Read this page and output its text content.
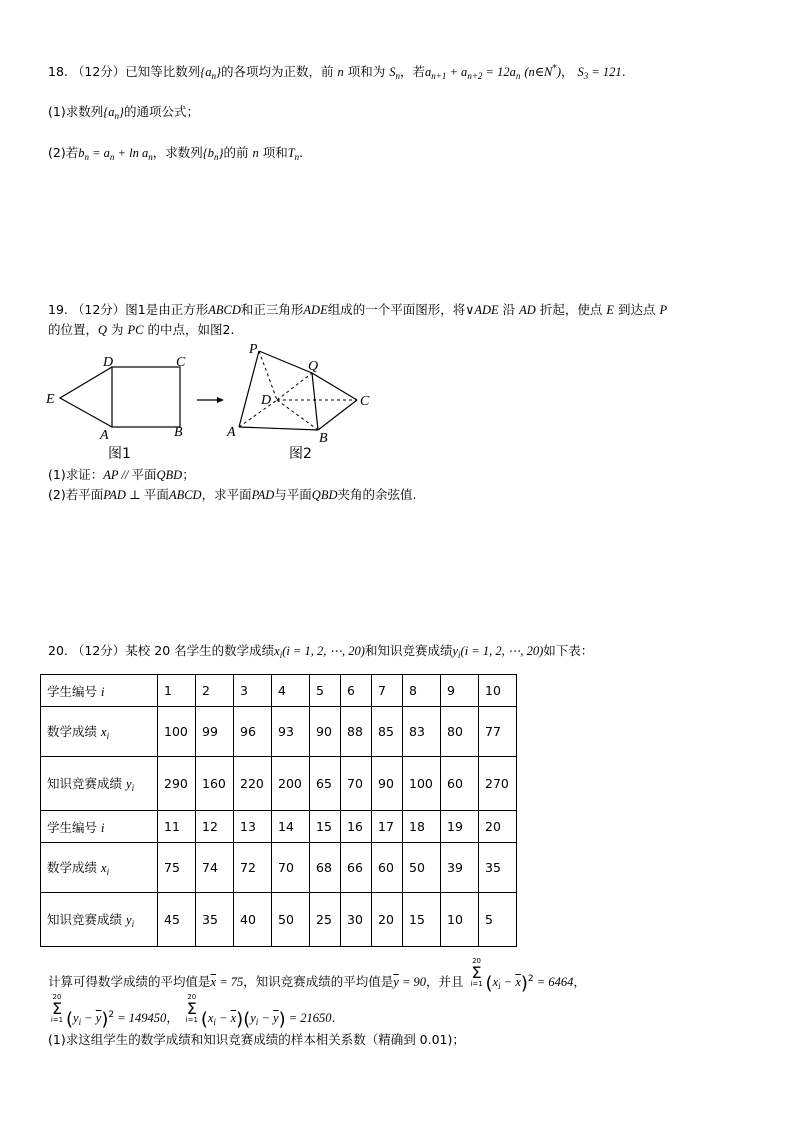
18. （12分）已知等比数列$\{a_n\}$的各项均为正数，前 n 项和为 $S_n$，若$a_{n+1} + a_{n+2} = 12a_n$ (n∈N*)， $S_3 = 121$.
(1)求数列$\{a_n\}$的通项公式；
(2)若$b_n = a_n + \ln a_n$，求数列$\{b_n\}$的前 n 项和$T_n$.
19. （12分）图1是由正方形ABCD和正三角形ADE组成的一个平面图形，将∨ADE 沿 AD 折起，使点 E 到达点 P
的位置，Q 为 PC 的中点，如图2.
D	C
E
A	B
图1
P
Q
D	C
A	B
图2
(1)求证：AP // 平面QBD；
(2)若平面PAD ⊥ 平面ABCD，求平面PAD与平面QBD夹角的余弦值.
20. （12分）某校 20 名学生的数学成绩$x_i(i = 1$, 2, ⋯, 20)和知识竞赛成绩$y_i(i = 1$, 2, ⋯, 20)如下表：
学生编号 i	1	2	3	4	5	6	7	8	9	10
数学成绩 $x_i$	100	99	96	93	90	88	85	83	80	77
知识竞赛成绩 $y_i$	290	160	220	200	65	70	90	100	60	270
学生编号 i	11	12	13	14	15	16	17	18	19	20
数学成绩 $x_i$	75	74	72	70	68	66	60	50	39	35
知识竞赛成绩 $y_i$	45	35	40	50	25	30	20	15	10	5
计算可得数学成绩的平均值是$\overline{x} = 75$，知识竞赛成绩的平均值是$\overline{y} = 90$，并且
20
Σ
i=1 $(x_i - \overline{x})^2 = 6464$，
20
Σ
i=1 $(y_i - \overline{y})^2 = 149450$，
20
Σ
i=1 $(x_i - \overline{x})(y_i - \overline{y}) = 21650$.
(1)求这组学生的数学成绩和知识竞赛成绩的样本相关系数（精确到 0.01)；
